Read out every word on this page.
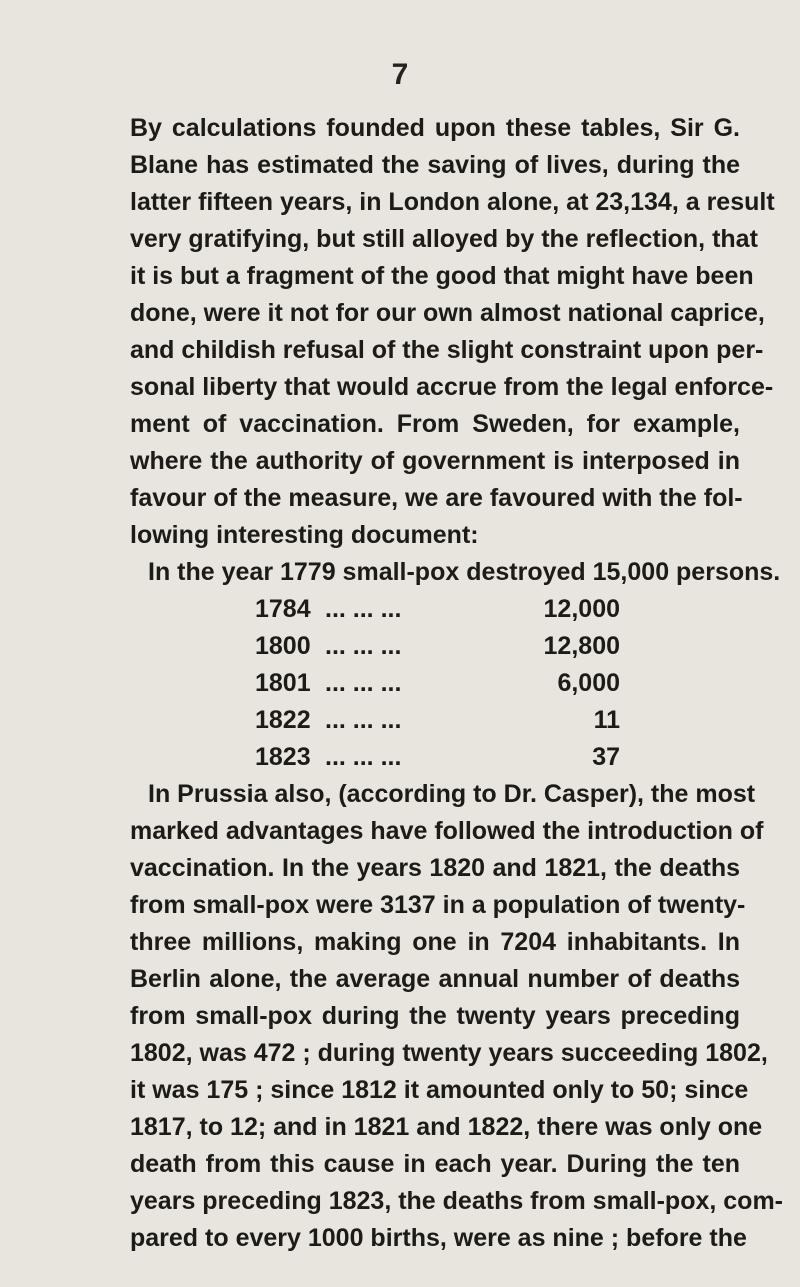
7
By calculations founded upon these tables, Sir G.
Blane has estimated the saving of lives, during the
latter fifteen years, in London alone, at 23,134, a result
very gratifying, but still alloyed by the reflection, that
it is but a fragment of the good that might have been
done, were it not for our own almost national caprice,
and childish refusal of the slight constraint upon per-
sonal liberty that would accrue from the legal enforce-
ment of vaccination. From Sweden, for example,
where the authority of government is interposed in
favour of the measure, we are favoured with the fol-
lowing interesting document:
In the year 1779 small-pox destroyed 15,000 persons.
1784 ... ... ...	12,000
1800 ... ... ...	12,800
1801 ... ... ...	6,000
1822 ... ... ...	11
1823 ... ... ...	37
In Prussia also, (according to Dr. Casper), the most
marked advantages have followed the introduction of
vaccination. In the years 1820 and 1821, the deaths
from small-pox were 3137 in a population of twenty-
three millions, making one in 7204 inhabitants. In
Berlin alone, the average annual number of deaths
from small-pox during the twenty years preceding
1802, was 472 ; during twenty years succeeding 1802,
it was 175 ; since 1812 it amounted only to 50; since
1817, to 12; and in 1821 and 1822, there was only one
death from this cause in each year. During the ten
years preceding 1823, the deaths from small-pox, com-
pared to every 1000 births, were as nine ; before the
